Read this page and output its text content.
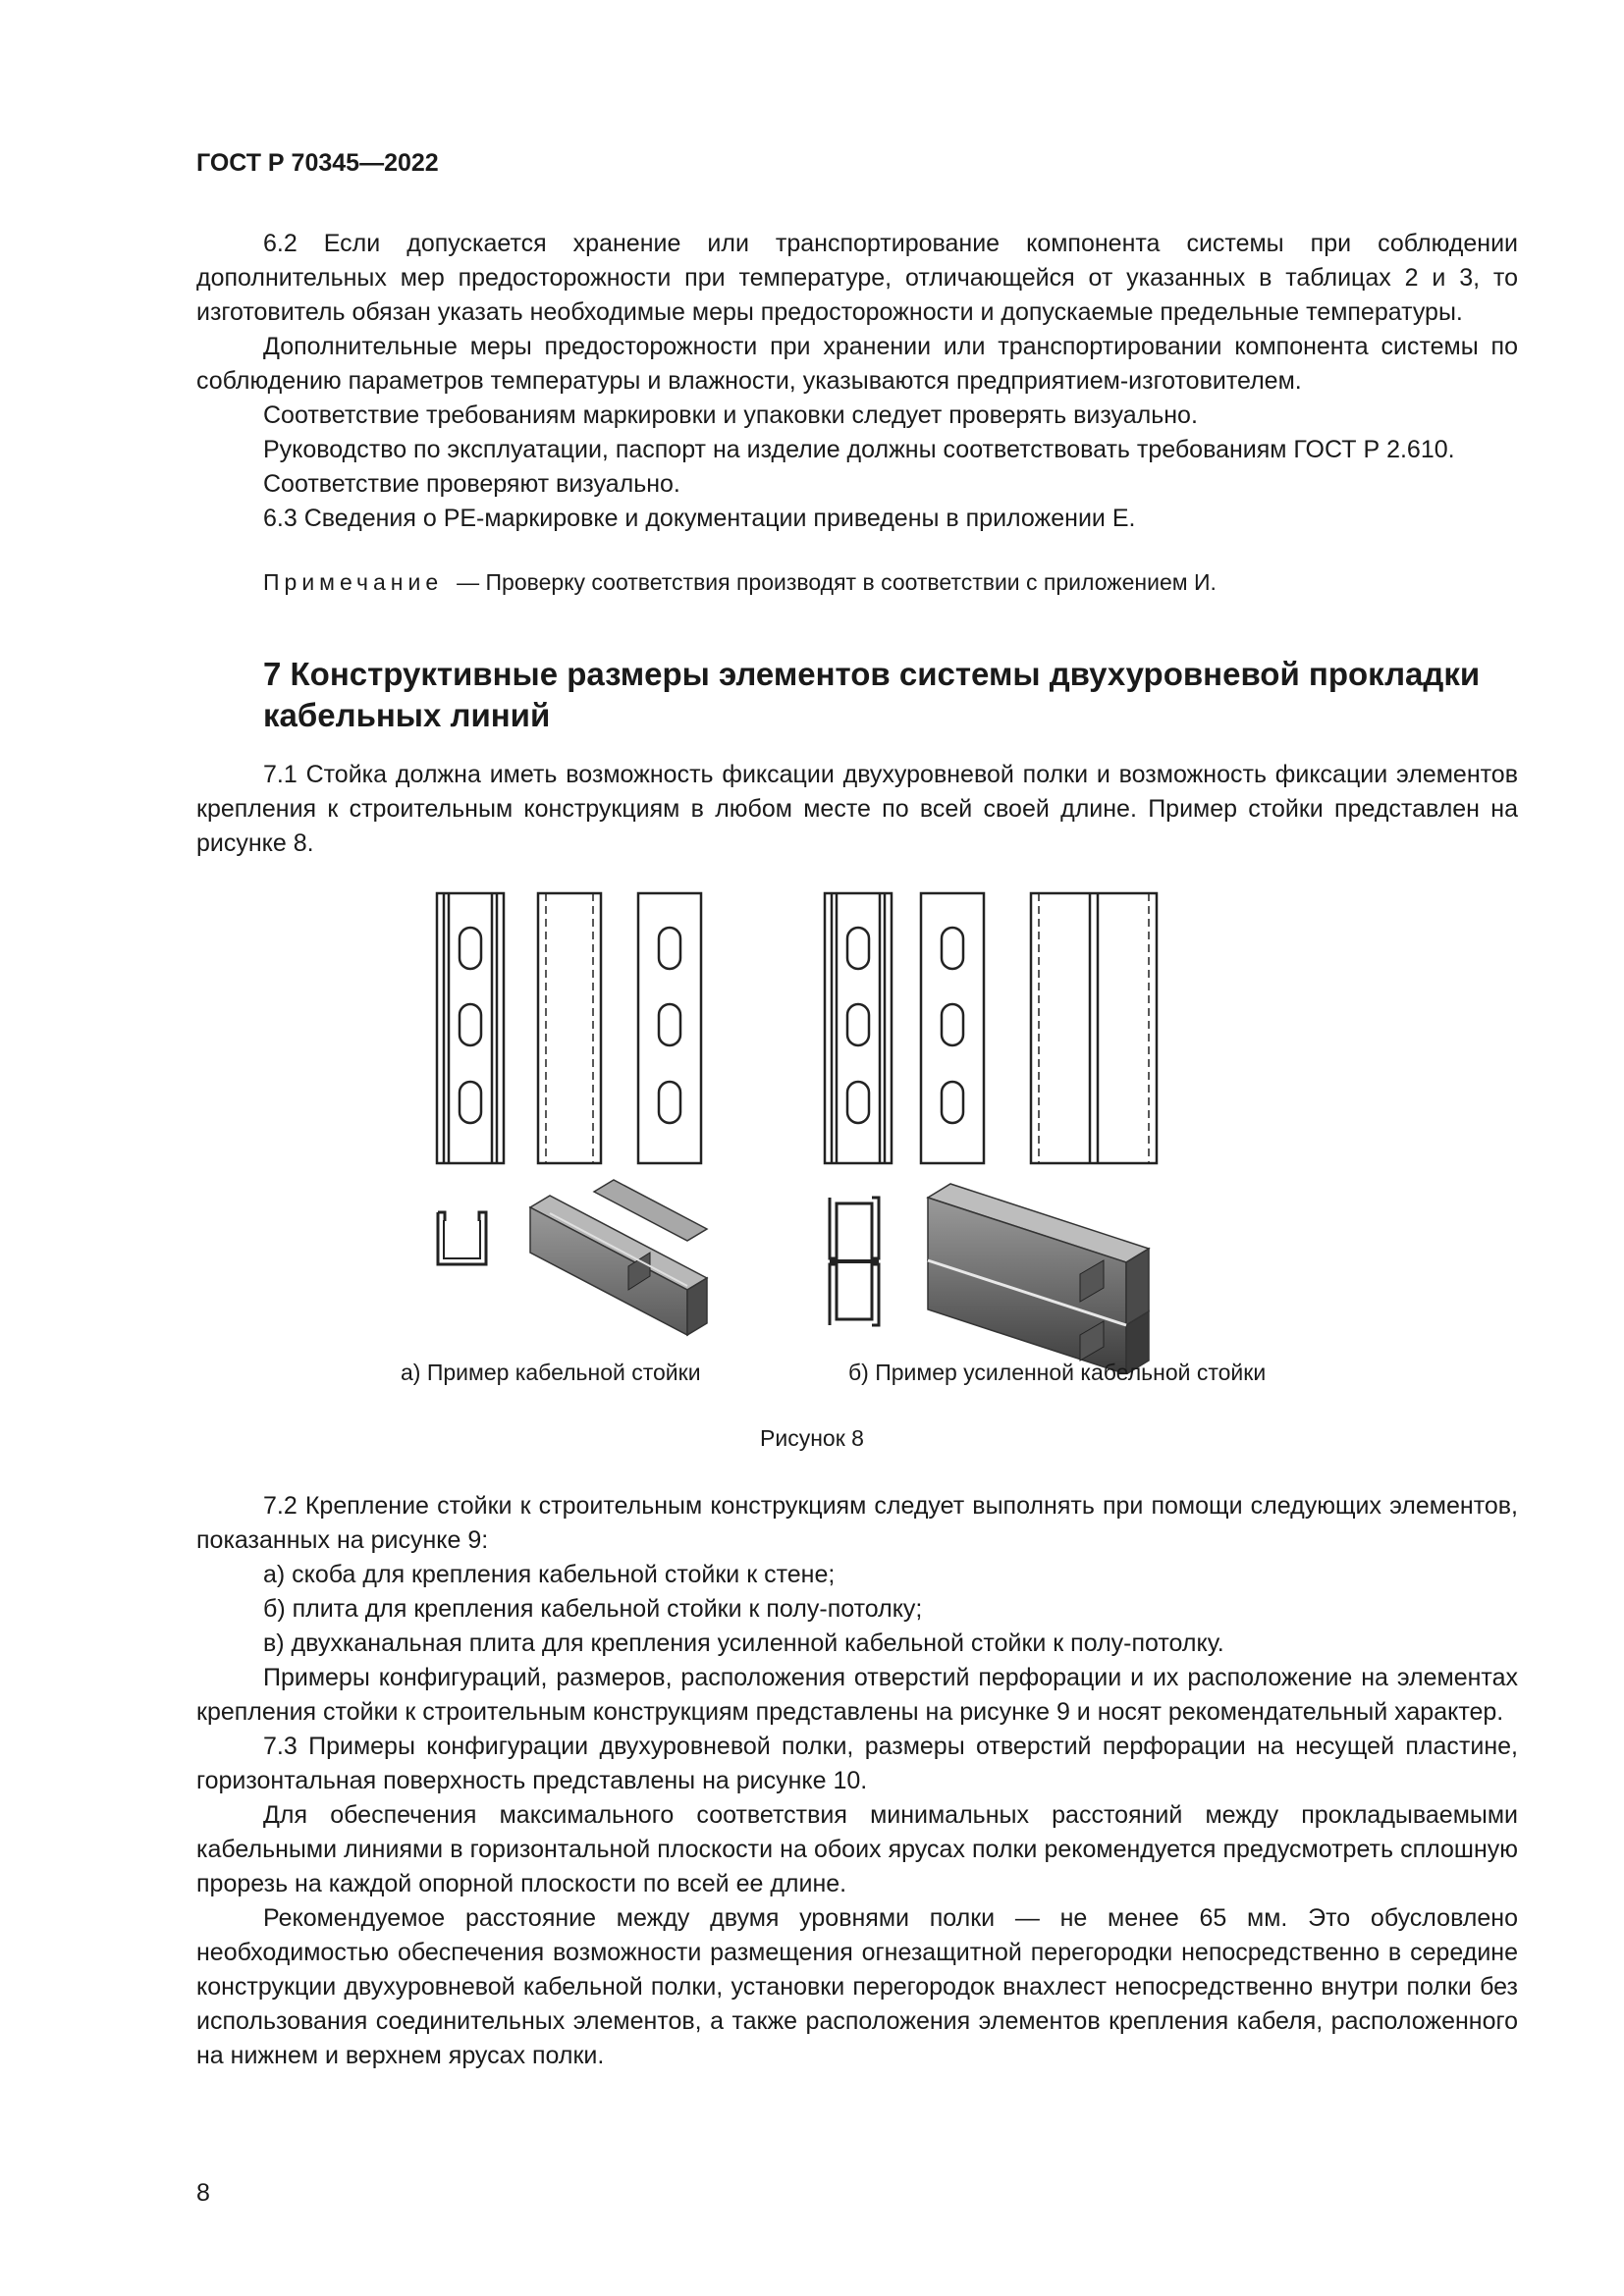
ГОСТ Р 70345—2022

6.2 Если допускается хранение или транспортирование компонента системы при соблюдении дополнительных мер предосторожности при температуре, отличающейся от указанных в таблицах 2 и 3, то изготовитель обязан указать необходимые меры предосторожности и допускаемые предельные температуры.

Дополнительные меры предосторожности при хранении или транспортировании компонента системы по соблюдению параметров температуры и влажности, указываются предприятием-изготовителем.

Соответствие требованиям маркировки и упаковки следует проверять визуально.

Руководство по эксплуатации, паспорт на изделие должны соответствовать требованиям ГОСТ Р 2.610.

Соответствие проверяют визуально.

6.3 Сведения о РЕ-маркировке и документации приведены в приложении Е.

Примечание — Проверку соответствия производят в соответствии с приложением И.
7 Конструктивные размеры элементов системы двухуровневой прокладки кабельных линий

7.1 Стойка должна иметь возможность фиксации двухуровневой полки и возможность фиксации элементов крепления к строительным конструкциям в любом месте по всей своей длине. Пример стойки представлен на рисунке 8.

а) Пример кабельной стойки	б) Пример усиленной кабельной стойки
Рисунок 8

7.2 Крепление стойки к строительным конструкциям следует выполнять при помощи следующих элементов, показанных на рисунке 9:

а) скоба для крепления кабельной стойки к стене;

б) плита для крепления кабельной стойки к полу-потолку;

в) двухканальная плита для крепления усиленной кабельной стойки к полу-потолку.

Примеры конфигураций, размеров, расположения отверстий перфорации и их расположение на элементах крепления стойки к строительным конструкциям представлены на рисунке 9 и носят рекомендательный характер.

7.3 Примеры конфигурации двухуровневой полки, размеры отверстий перфорации на несущей пластине, горизонтальная поверхность представлены на рисунке 10.

Для обеспечения максимального соответствия минимальных расстояний между прокладываемыми кабельными линиями в горизонтальной плоскости на обоих ярусах полки рекомендуется предусмотреть сплошную прорезь на каждой опорной плоскости по всей ее длине.

Рекомендуемое расстояние между двумя уровнями полки — не менее 65 мм. Это обусловлено необходимостью обеспечения возможности размещения огнезащитной перегородки непосредственно в середине конструкции двухуровневой кабельной полки, установки перегородок внахлест непосредственно внутри полки без использования соединительных элементов, а также расположения элементов крепления кабеля, расположенного на нижнем и верхнем ярусах полки.

8
